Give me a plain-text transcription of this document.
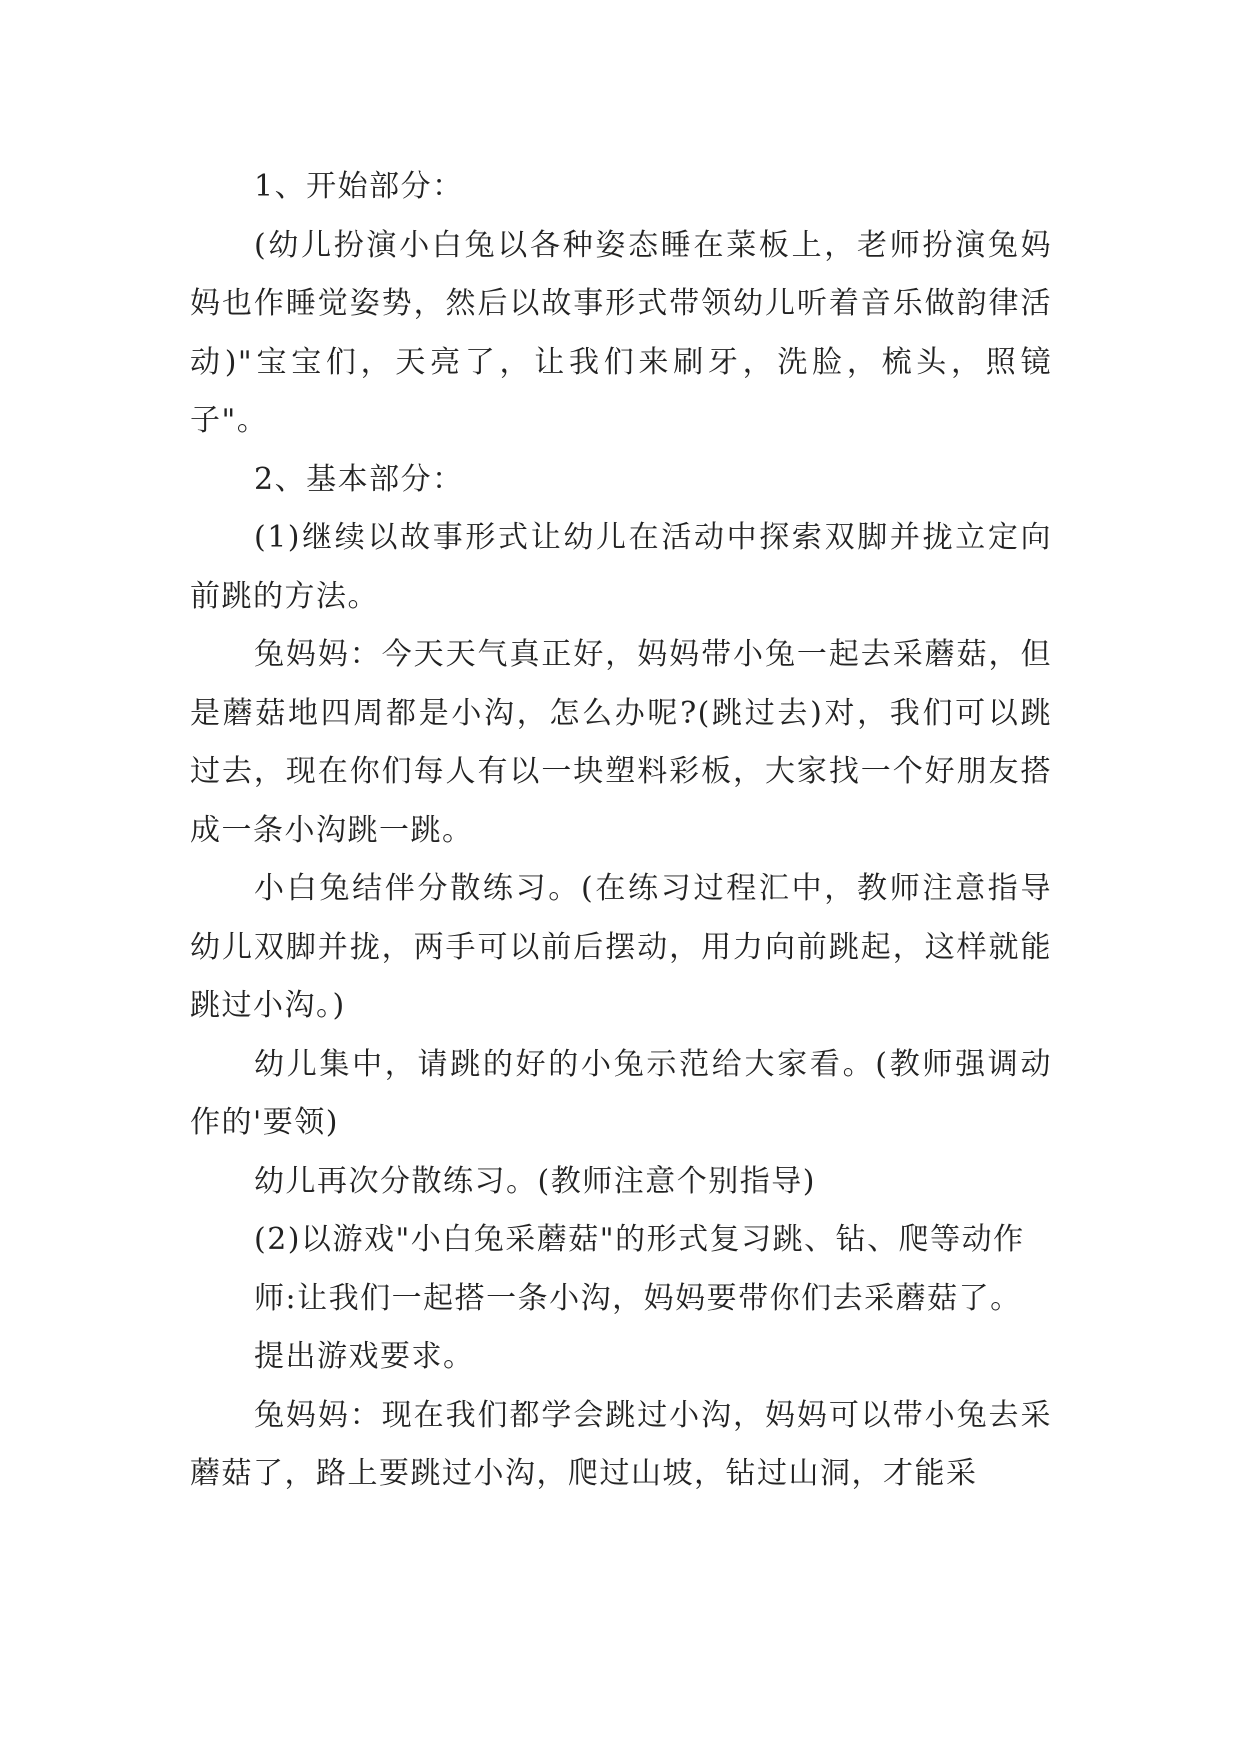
1、开始部分：

(幼儿扮演小白兔以各种姿态睡在菜板上，老师扮演兔妈妈也作睡觉姿势，然后以故事形式带领幼儿听着音乐做韵律活动)"宝宝们，天亮了，让我们来刷牙，洗脸，梳头，照镜子"。

2、基本部分：

(1)继续以故事形式让幼儿在活动中探索双脚并拢立定向前跳的方法。

兔妈妈：今天天气真正好，妈妈带小兔一起去采蘑菇，但是蘑菇地四周都是小沟，怎么办呢?(跳过去)对，我们可以跳过去，现在你们每人有以一块塑料彩板，大家找一个好朋友搭成一条小沟跳一跳。

小白兔结伴分散练习。(在练习过程汇中，教师注意指导幼儿双脚并拢，两手可以前后摆动，用力向前跳起，这样就能跳过小沟。)

幼儿集中，请跳的好的小兔示范给大家看。(教师强调动作的'要领)

幼儿再次分散练习。(教师注意个别指导)

(2)以游戏"小白兔采蘑菇"的形式复习跳、钻、爬等动作

师:让我们一起搭一条小沟，妈妈要带你们去采蘑菇了。

提出游戏要求。

兔妈妈：现在我们都学会跳过小沟，妈妈可以带小兔去采蘑菇了，路上要跳过小沟，爬过山坡，钻过山洞，才能采
